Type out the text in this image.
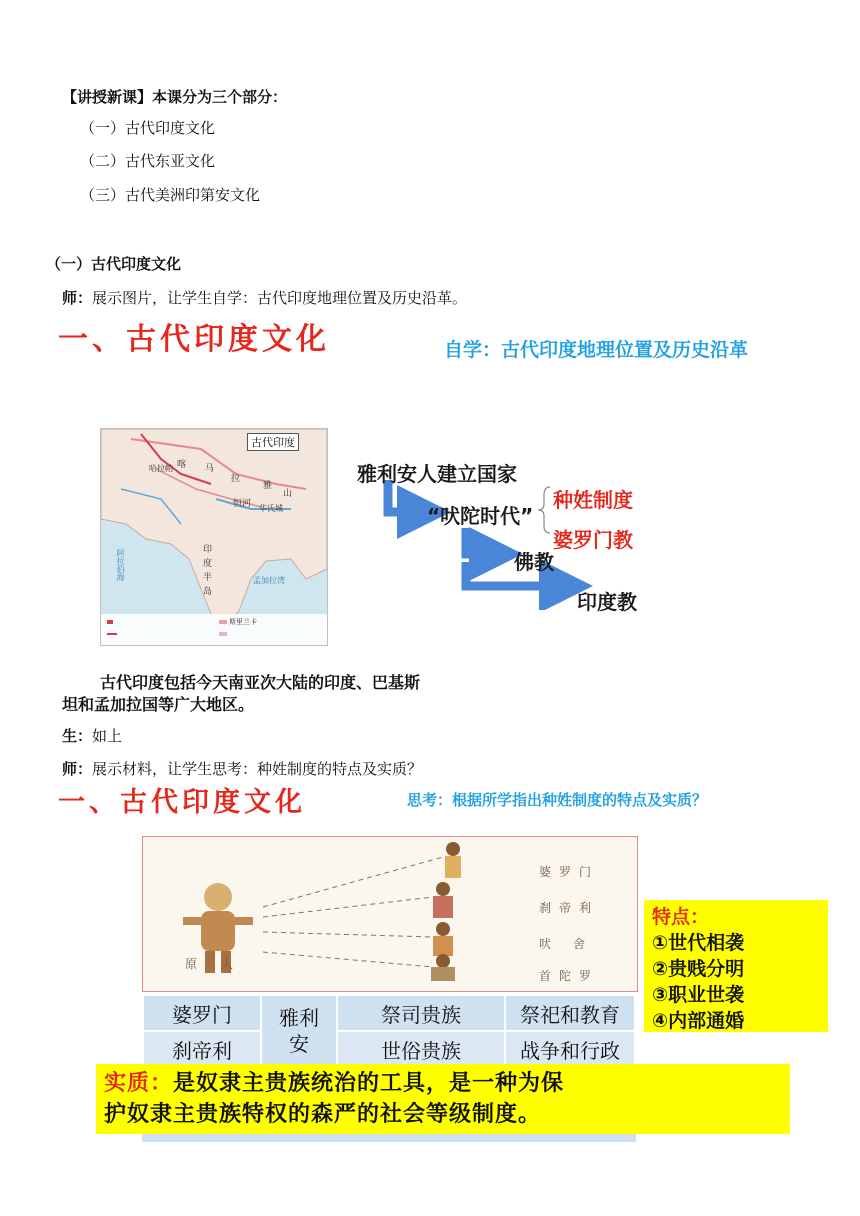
【讲授新课】本课分为三个部分：
（一）古代印度文化
（二）古代东亚文化
（三）古代美洲印第安文化
（一）古代印度文化
师：展示图片，让学生自学：古代印度地理位置及历史沿革。
一、古代印度文化	自学：古代印度地理位置及历史沿革
古代印度
喀 马
拉
雅
山
恒河
印
度
半
岛
孟加拉湾
阿拉伯海
斯里兰卡
哈拉帕
华氏城
雅利安人建立国家
“吠陀时代”
种姓制度
婆罗门教
佛教
印度教
古代印度包括今天南亚次大陆的印度、巴基斯
坦和孟加拉国等广大地区。
生：如上
师：展示材料，让学生思考：种姓制度的特点及实质？
一、古代印度文化	思考：根据所学指出种姓制度的特点及实质？
婆罗门
刹帝利
吠舍
首陀罗
原人
婆罗门	雅利安	祭司贵族	祭祀和教育
刹帝利		世俗贵族	战争和行政
特点：
①世代相袭
②贵贱分明
③职业世袭
④内部通婚
实质：是奴隶主贵族统治的工具，是一种为保
护奴隶主贵族特权的森严的社会等级制度。
